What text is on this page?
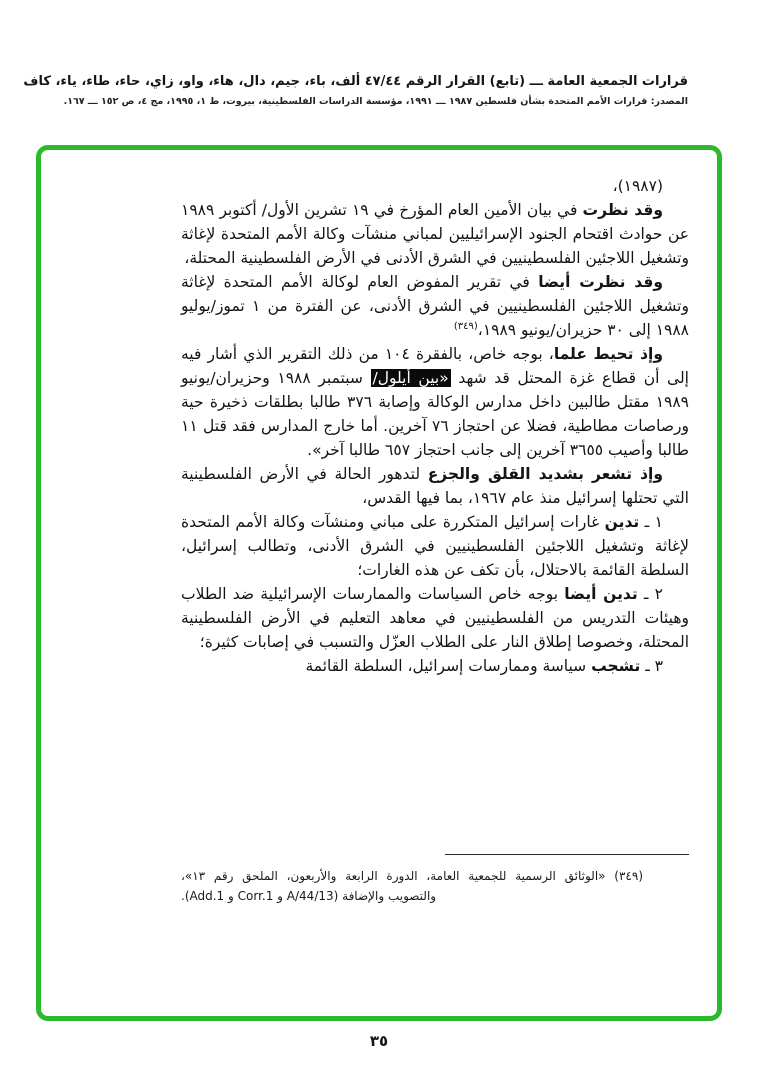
قرارات الجمعية العامة ـــ (تابع) القرار الرقم ٤٧/٤٤ ألف، باء، جيم، دال، هاء، واو، زاي، حاء، طاء، ياء، كاف
المصدر: قرارات الأمم المتحدة بشأن فلسطين ١٩٨٧ ـــ ١٩٩١، مؤسسة الدراسات الفلسطينية، بيروت، ط ١، ١٩٩٥، مج ٤، ص ١٥٢ ـــ ١٦٧.

(١٩٨٧)،

وقد نظرت في بيان الأمين العام المؤرخ في ١٩ تشرين الأول/ أكتوبر ١٩٨٩ عن حوادث اقتحام الجنود الإسرائيليين لمباني منشآت وكالة الأمم المتحدة لإغاثة وتشغيل اللاجئين الفلسطينيين في الشرق الأدنى في الأرض الفلسطينية المحتلة،

وقد نظرت أيضا في تقرير المفوض العام لوكالة الأمم المتحدة لإغاثة وتشغيل اللاجئين الفلسطينيين في الشرق الأدنى، عن الفترة من ١ تموز/يوليو ١٩٨٨ إلى ٣٠ حزيران/يونيو ١٩٨٩،$^{(٣٤٩)}$

وإذ تحيط علما، بوجه خاص، بالفقرة ١٠٤ من ذلك التقرير الذي أشار فيه إلى أن قطاع غزة المحتل قد شهد «بين أيلول/ سبتمبر ١٩٨٨ وحزيران/يونيو ١٩٨٩ مقتل طالبين داخل مدارس الوكالة وإصابة ٣٧٦ طالبا بطلقات ذخيرة حية ورصاصات مطاطية، فضلا عن احتجاز ٧٦ آخرين. أما خارج المدارس فقد قتل ١١ طالبا وأصيب ٣٦٥٥ آخرين إلى جانب احتجاز ٦٥٧ طالبا آخر».

وإذ تشعر بشديد القلق والجزع لتدهور الحالة في الأرض الفلسطينية التي تحتلها إسرائيل منذ عام ١٩٦٧، بما فيها القدس،

١ ـ تدين غارات إسرائيل المتكررة على مباني ومنشآت وكالة الأمم المتحدة لإغاثة وتشغيل اللاجئين الفلسطينيين في الشرق الأدنى، وتطالب إسرائيل، السلطة القائمة بالاحتلال، بأن تكف عن هذه الغارات؛

٢ ـ تدين أيضا بوجه خاص السياسات والممارسات الإسرائيلية ضد الطلاب وهيئات التدريس من الفلسطينيين في معاهد التعليم في الأرض الفلسطينية المحتلة، وخصوصا إطلاق النار على الطلاب العزّل والتسبب في إصابات كثيرة؛

٣ ـ تشجب سياسة وممارسات إسرائيل، السلطة القائمة

(٣٤٩) «الوثائق الرسمية للجمعية العامة، الدورة الرابعة والأربعون، الملحق رقم ١٣»، والتصويب والإضافة (A/44/13 و Corr.1 و Add.1).
٣٥
